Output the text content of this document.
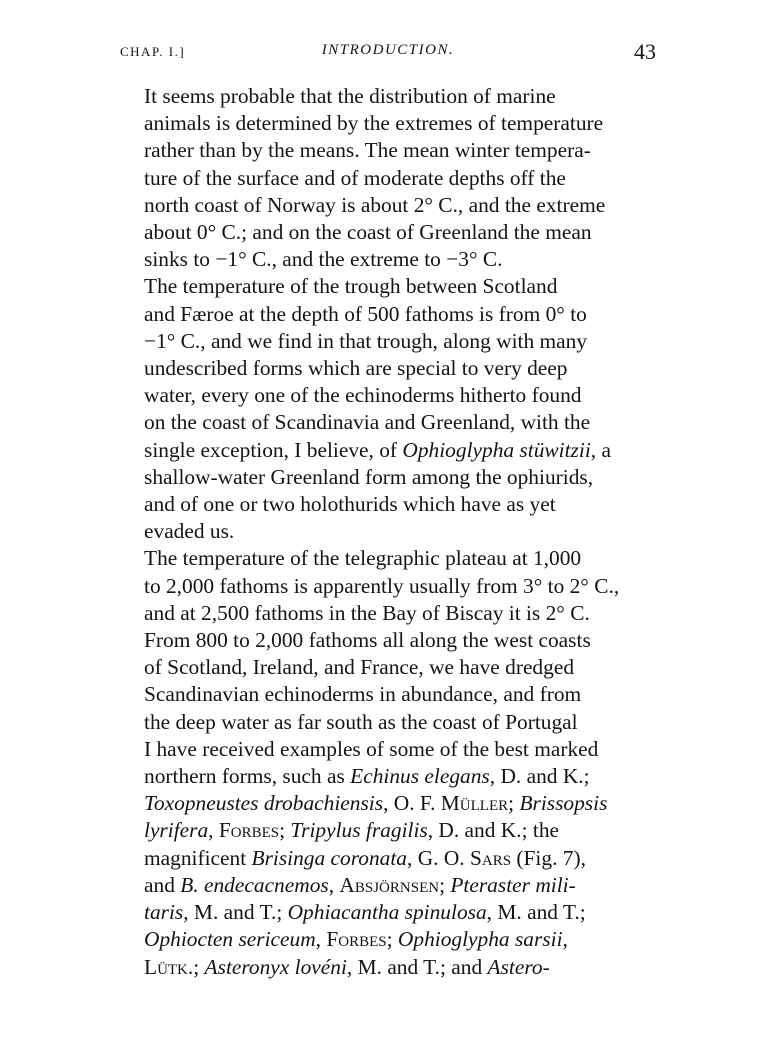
CHAP. I.]	INTRODUCTION.	43

It seems probable that the distribution of marine
animals is determined by the extremes of temperature
rather than by the means. The mean winter tempera-
ture of the surface and of moderate depths off the
north coast of Norway is about 2° C., and the extreme
about 0° C.; and on the coast of Greenland the mean
sinks to −1° C., and the extreme to −3° C.

The temperature of the trough between Scotland
and Færoe at the depth of 500 fathoms is from 0° to
−1° C., and we find in that trough, along with many
undescribed forms which are special to very deep
water, every one of the echinoderms hitherto found
on the coast of Scandinavia and Greenland, with the
single exception, I believe, of Ophioglypha stüwitzii, a
shallow-water Greenland form among the ophiurids,
and of one or two holothurids which have as yet
evaded us.

The temperature of the telegraphic plateau at 1,000
to 2,000 fathoms is apparently usually from 3° to 2° C.,
and at 2,500 fathoms in the Bay of Biscay it is 2° C.
From 800 to 2,000 fathoms all along the west coasts
of Scotland, Ireland, and France, we have dredged
Scandinavian echinoderms in abundance, and from
the deep water as far south as the coast of Portugal
I have received examples of some of the best marked
northern forms, such as Echinus elegans, D. and K.;
Toxopneustes drobachiensis, O. F. Müller; Brissopsis
lyrifera, Forbes; Tripylus fragilis, D. and K.; the
magnificent Brisinga coronata, G. O. Sars (Fig. 7),
and B. endecacnemos, Absjörnsen; Pteraster mili-
taris, M. and T.; Ophiacantha spinulosa, M. and T.;
Ophiocten sericeum, Forbes; Ophioglypha sarsii,
Lütk.; Asteronyx lovéni, M. and T.; and Astero-
